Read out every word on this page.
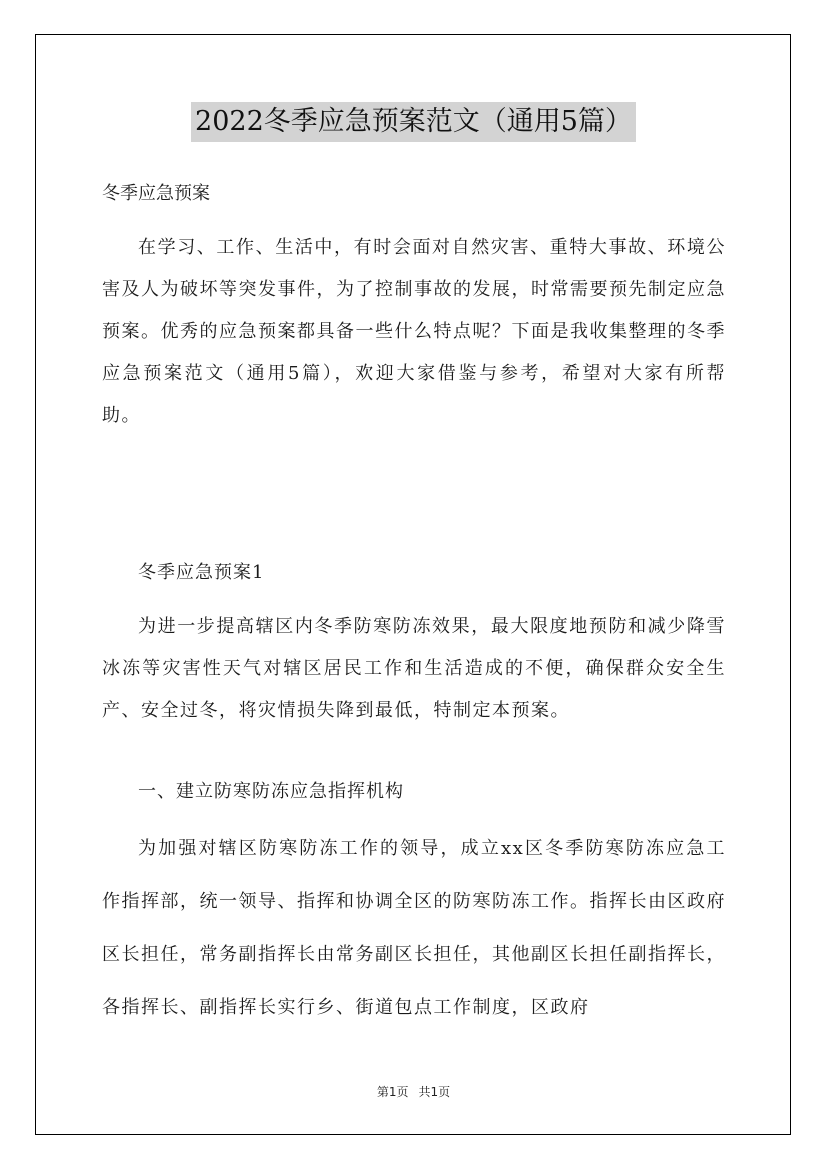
2022冬季应急预案范文（通用5篇）
冬季应急预案
在学习、工作、生活中，有时会面对自然灾害、重特大事故、环境公害及人为破坏等突发事件，为了控制事故的发展，时常需要预先制定应急预案。优秀的应急预案都具备一些什么特点呢？下面是我收集整理的冬季应急预案范文（通用5篇），欢迎大家借鉴与参考，希望对大家有所帮助。
冬季应急预案1
为进一步提高辖区内冬季防寒防冻效果，最大限度地预防和减少降雪冰冻等灾害性天气对辖区居民工作和生活造成的不便，确保群众安全生产、安全过冬，将灾情损失降到最低，特制定本预案。
一、建立防寒防冻应急指挥机构
为加强对辖区防寒防冻工作的领导，成立xx区冬季防寒防冻应急工作指挥部，统一领导、指挥和协调全区的防寒防冻工作。指挥长由区政府区长担任，常务副指挥长由常务副区长担任，其他副区长担任副指挥长，各指挥长、副指挥长实行乡、街道包点工作制度，区政府
第1页 共1页
